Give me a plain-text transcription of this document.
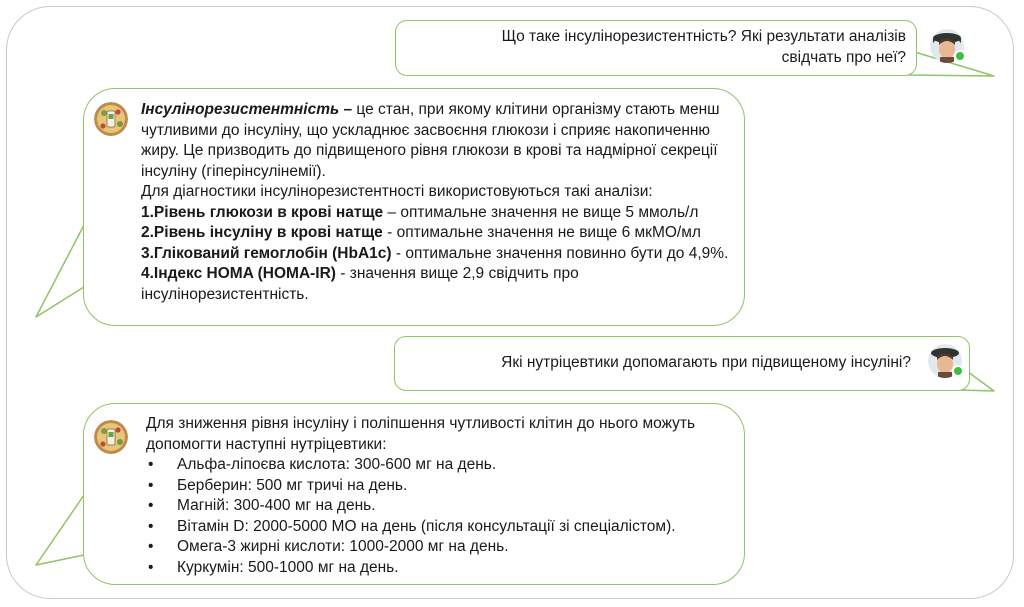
Що таке інсулінорезистентність? Які результати аналізів
свідчать про неї?
Інсулінорезистентність – це стан, при якому клітини організму стають менш
чутливими до інсуліну, що ускладнює засвоєння глюкози і сприяє накопиченню
жиру. Це призводить до підвищеного рівня глюкози в крові та надмірної секреції
інсуліну (гіперінсулінемії).
Для діагностики інсулінорезистентності використовуються такі аналізи:
1.Рівень глюкози в крові натще – оптимальне значення не вище 5 ммоль/л
2.Рівень інсуліну в крові натще - оптимальне значення не вище 6 мкМО/мл
3.Глікований гемоглобін (HbA1c) - оптимальне значення повинно бути до 4,9%.
4.Індекс HOMA (HOMA-IR) - значення вище 2,9 свідчить про
інсулінорезистентність.
Які нутріцевтики допомагають при підвищеному інсуліні?
Для зниження рівня інсуліну і поліпшення чутливості клітин до нього можуть
допомогти наступні нутріцевтики:
• Альфа-ліпоєва кислота: 300-600 мг на день.
• Берберин: 500 мг тричі на день.
• Магній: 300-400 мг на день.
• Вітамін D: 2000-5000 МО на день (після консультації зі спеціалістом).
• Омега-3 жирні кислоти: 1000-2000 мг на день.
• Куркумін: 500-1000 мг на день.
